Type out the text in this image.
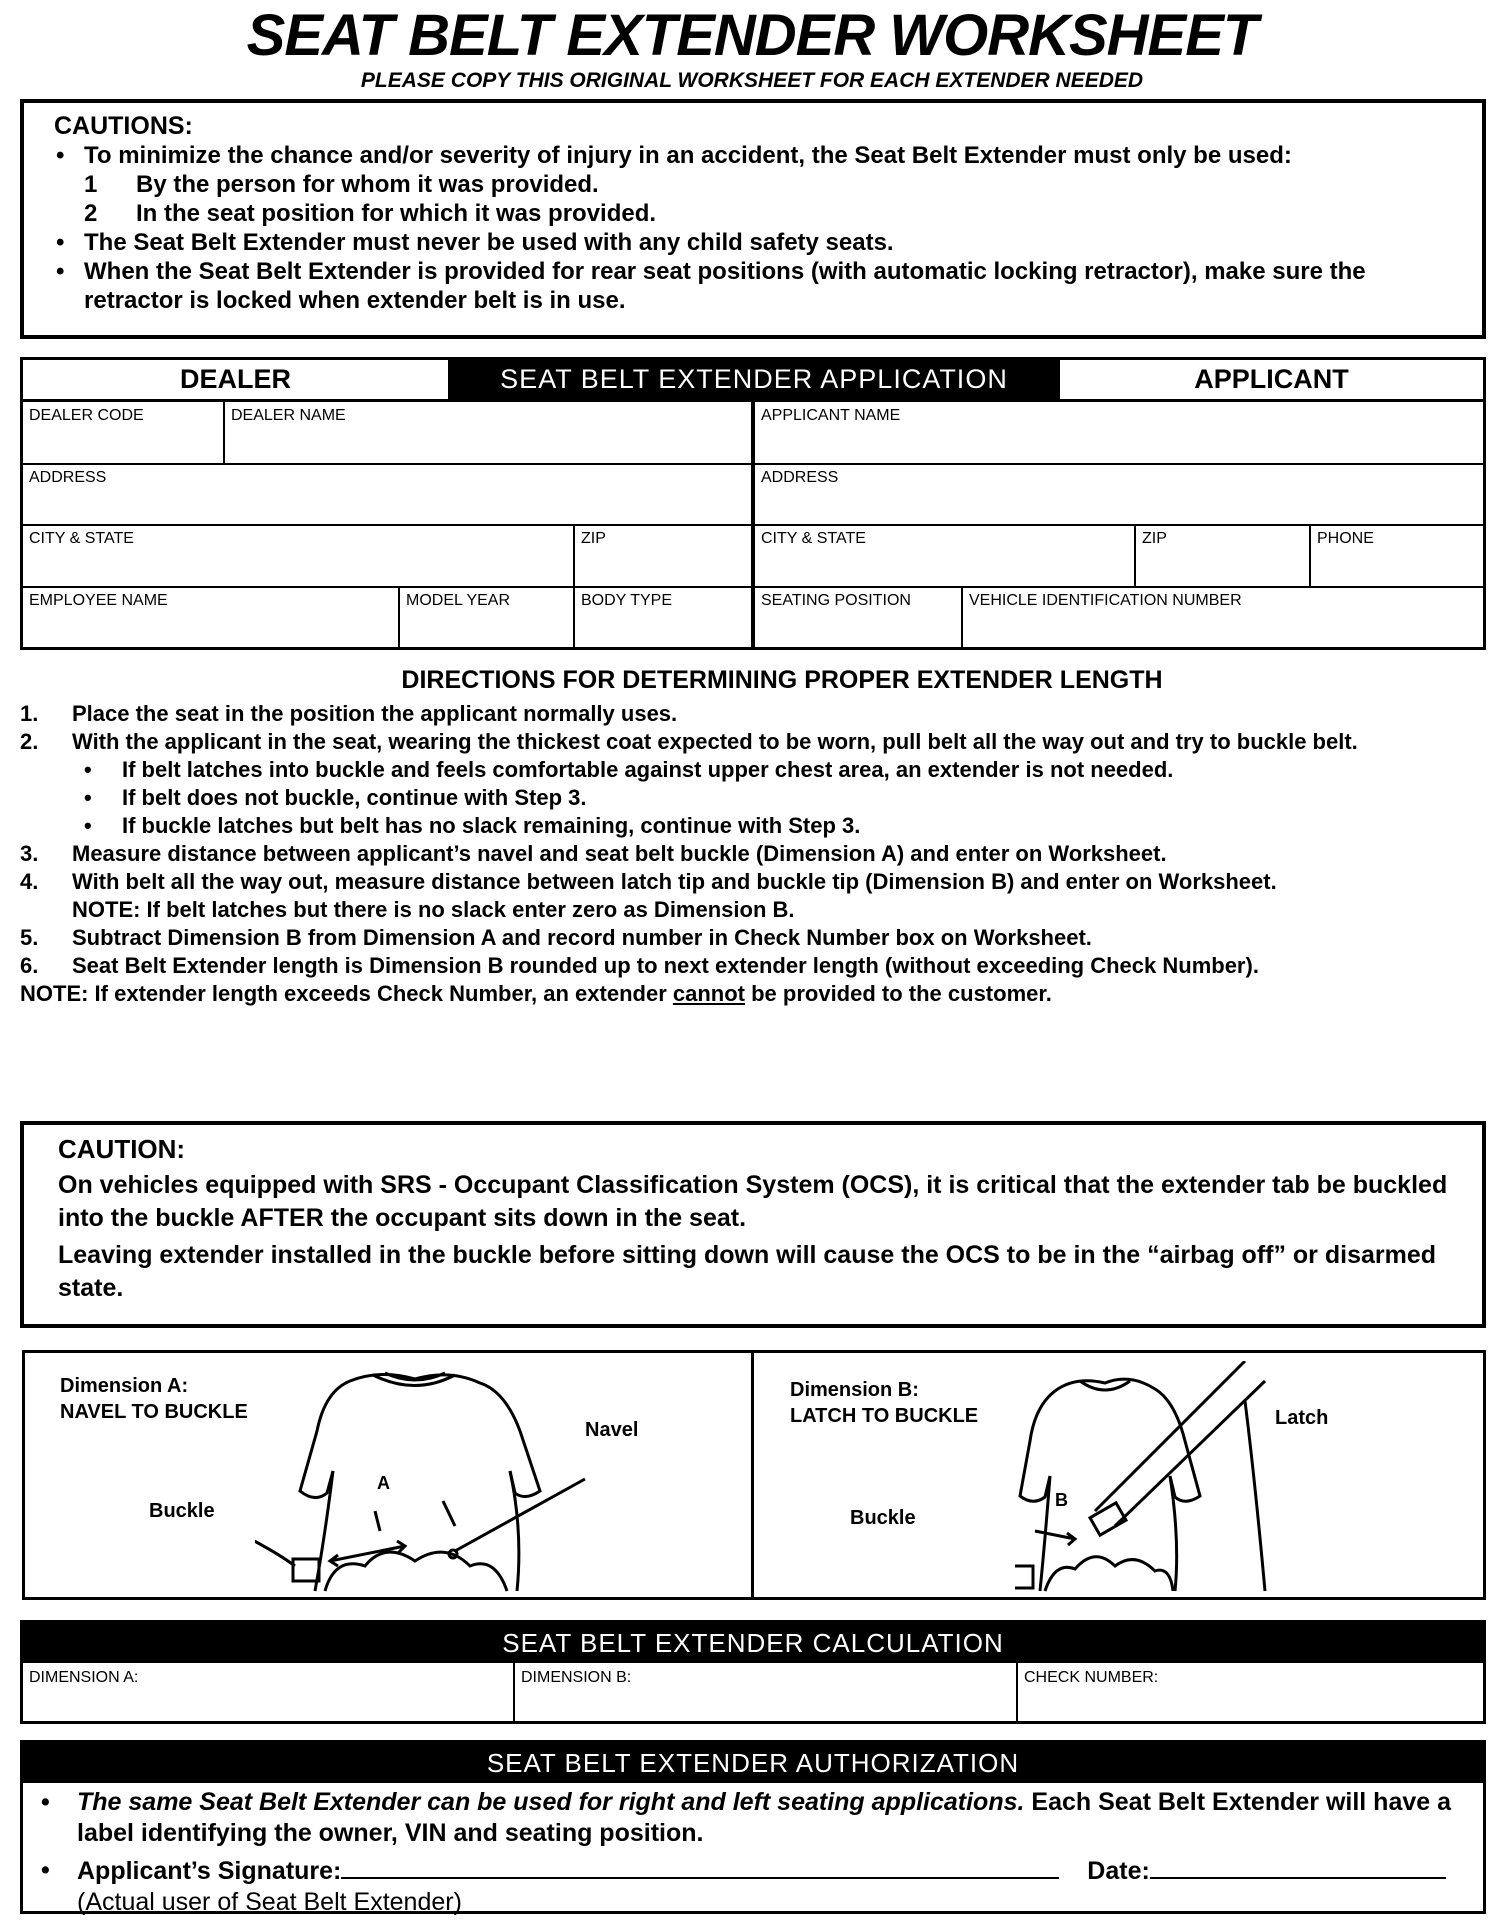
SEAT BELT EXTENDER WORKSHEET
PLEASE COPY THIS ORIGINAL WORKSHEET FOR EACH EXTENDER NEEDED
CAUTIONS:
• To minimize the chance and/or severity of injury in an accident, the Seat Belt Extender must only be used:
1 By the person for whom it was provided.
2 In the seat position for which it was provided.
• The Seat Belt Extender must never be used with any child safety seats.
• When the Seat Belt Extender is provided for rear seat positions (with automatic locking retractor), make sure the retractor is locked when extender belt is in use.
DEALER	SEAT BELT EXTENDER APPLICATION	APPLICANT
DEALER CODE	DEALER NAME
ADDRESS
CITY & STATE	ZIP
EMPLOYEE NAME	MODEL YEAR	BODY TYPE
APPLICANT NAME
ADDRESS
CITY & STATE	ZIP	PHONE
SEATING POSITION	VEHICLE IDENTIFICATION NUMBER
DIRECTIONS FOR DETERMINING PROPER EXTENDER LENGTH
1. Place the seat in the position the applicant normally uses.
2. With the applicant in the seat, wearing the thickest coat expected to be worn, pull belt all the way out and try to buckle belt.
• If belt latches into buckle and feels comfortable against upper chest area, an extender is not needed.
• If belt does not buckle, continue with Step 3.
• If buckle latches but belt has no slack remaining, continue with Step 3.
3. Measure distance between applicant’s navel and seat belt buckle (Dimension A) and enter on Worksheet.
4. With belt all the way out, measure distance between latch tip and buckle tip (Dimension B) and enter on Worksheet.
NOTE: If belt latches but there is no slack enter zero as Dimension B.
5. Subtract Dimension B from Dimension A and record number in Check Number box on Worksheet.
6. Seat Belt Extender length is Dimension B rounded up to next extender length (without exceeding Check Number).
NOTE: If extender length exceeds Check Number, an extender cannot be provided to the customer.
CAUTION:

On vehicles equipped with SRS - Occupant Classification System (OCS), it is critical that the extender tab be buckled into the buckle AFTER the occupant sits down in the seat.

Leaving extender installed in the buckle before sitting down will cause the OCS to be in the “airbag off” or disarmed state.

Dimension A:
NAVEL TO BUCKLE
Navel
Buckle
A
Dimension B:
LATCH TO BUCKLE	Latch
Buckle
B
SEAT BELT EXTENDER CALCULATION
DIMENSION A:	DIMENSION B:	CHECK NUMBER:
SEAT BELT EXTENDER AUTHORIZATION
• The same Seat Belt Extender can be used for right and left seating applications. Each Seat Belt Extender will have a label identifying the owner, VIN and seating position.
• Applicant’s Signature:	Date:
(Actual user of Seat Belt Extender)
